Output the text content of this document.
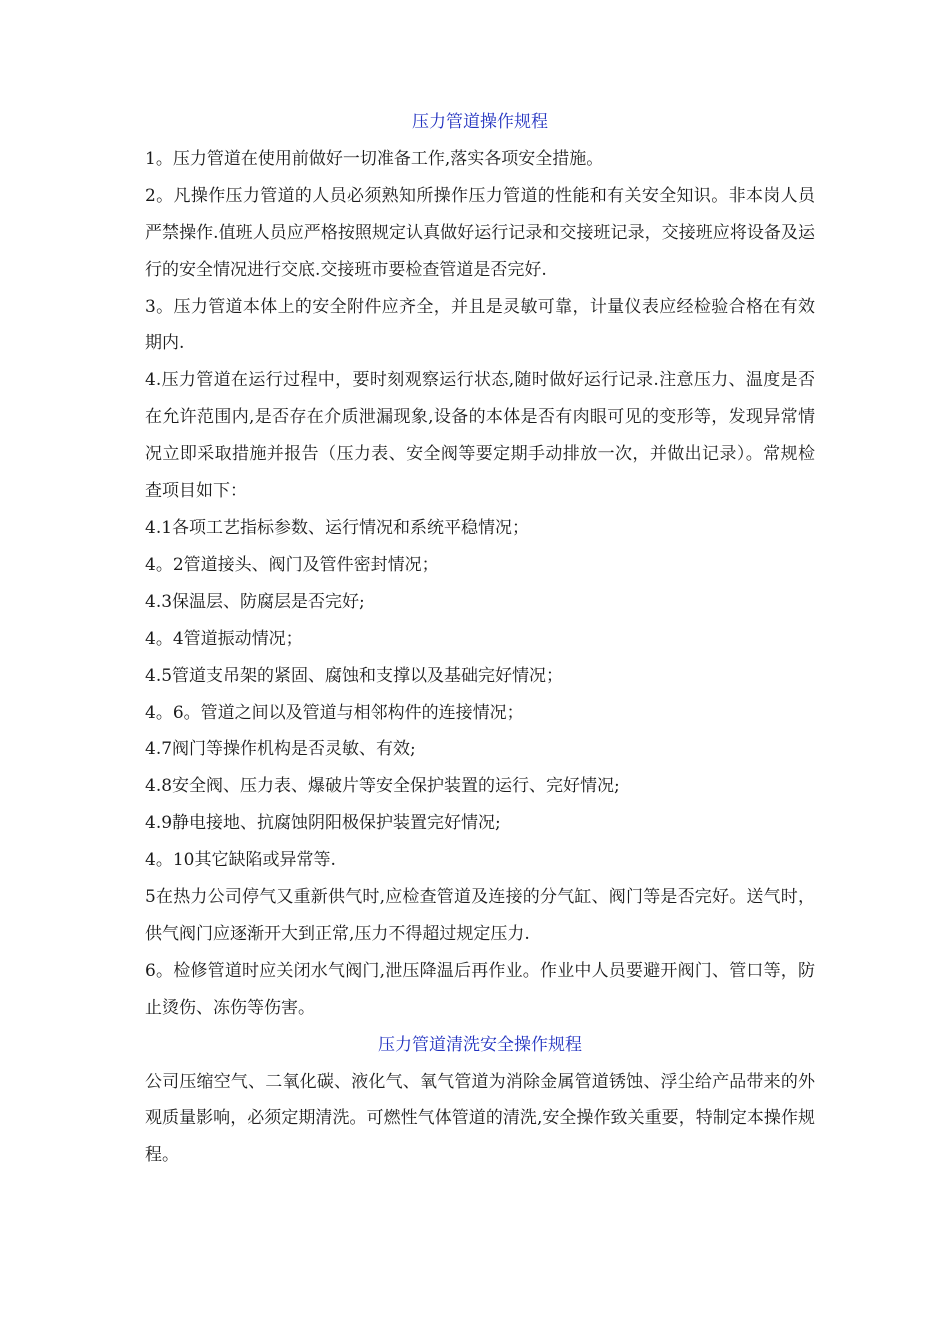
压力管道操作规程

1。压力管道在使用前做好一切准备工作,落实各项安全措施。

2。凡操作压力管道的人员必须熟知所操作压力管道的性能和有关安全知识。非本岗人员严禁操作.值班人员应严格按照规定认真做好运行记录和交接班记录，交接班应将设备及运行的安全情况进行交底.交接班市要检查管道是否完好.

3。压力管道本体上的安全附件应齐全，并且是灵敏可靠，计量仪表应经检验合格在有效期内.

4.压力管道在运行过程中，要时刻观察运行状态,随时做好运行记录.注意压力、温度是否在允许范围内,是否存在介质泄漏现象,设备的本体是否有肉眼可见的变形等，发现异常情况立即采取措施并报告（压力表、安全阀等要定期手动排放一次，并做出记录）。常规检查项目如下：

4.1各项工艺指标参数、运行情况和系统平稳情况；

4。2管道接头、阀门及管件密封情况；

4.3保温层、防腐层是否完好;

4。4管道振动情况；

4.5管道支吊架的紧固、腐蚀和支撑以及基础完好情况；

4。6。管道之间以及管道与相邻构件的连接情况；

4.7阀门等操作机构是否灵敏、有效;

4.8安全阀、压力表、爆破片等安全保护装置的运行、完好情况;

4.9静电接地、抗腐蚀阴阳极保护装置完好情况;

4。10其它缺陷或异常等.

5在热力公司停气又重新供气时,应检查管道及连接的分气缸、阀门等是否完好。送气时，供气阀门应逐渐开大到正常,压力不得超过规定压力.

6。检修管道时应关闭水气阀门,泄压降温后再作业。作业中人员要避开阀门、管口等，防止烫伤、冻伤等伤害。

压力管道清洗安全操作规程

公司压缩空气、二氧化碳、液化气、氧气管道为消除金属管道锈蚀、浮尘给产品带来的外观质量影响，必须定期清洗。可燃性气体管道的清洗,安全操作致关重要，特制定本操作规程。
